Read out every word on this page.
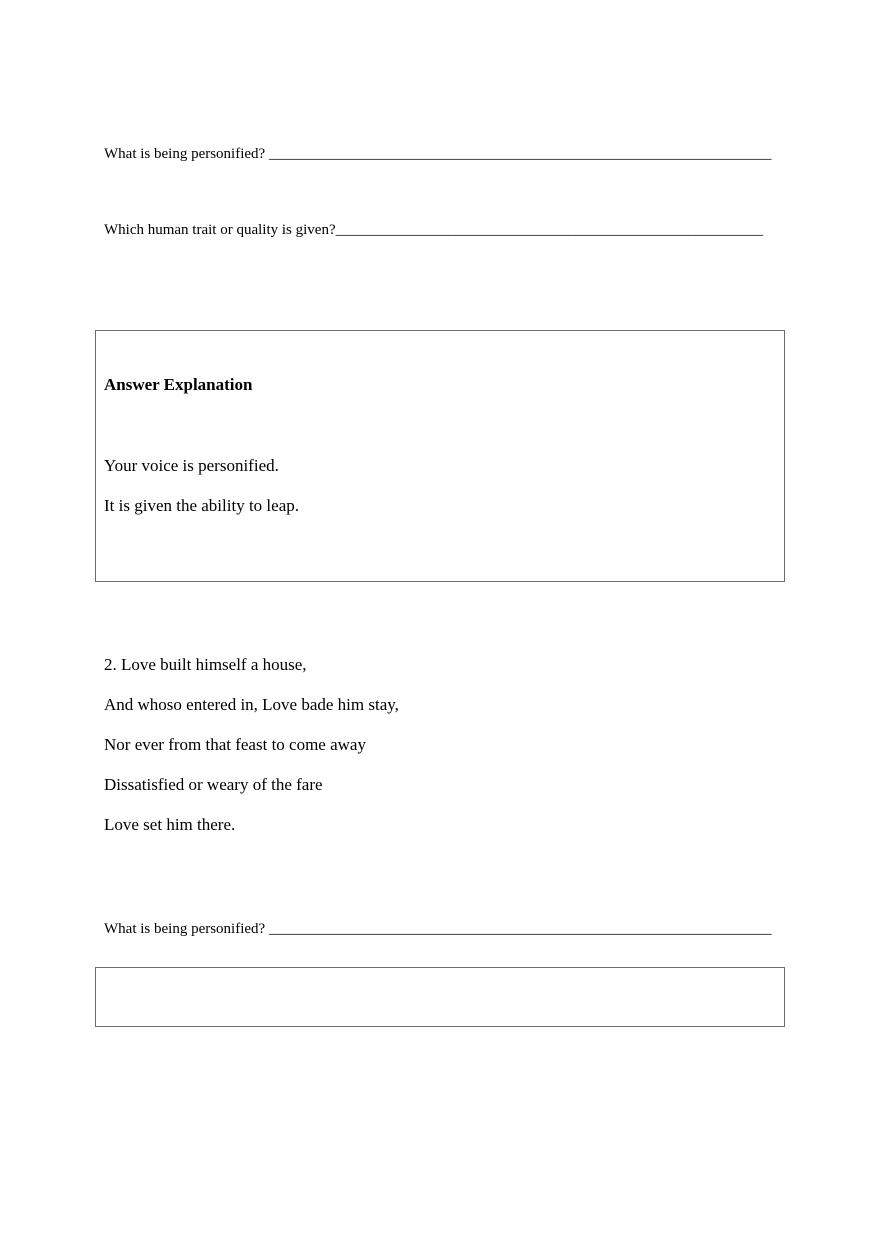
What is being personified? ___________________________________________________________________
Which human trait or quality is given?_________________________________________________________
Answer Explanation
Your voice is personified.
It is given the ability to leap.
2. Love built himself a house,
And whoso entered in, Love bade him stay,
Nor ever from that feast to come away
Dissatisfied or weary of the fare
Love set him there.
What is being personified? ___________________________________________________________________
